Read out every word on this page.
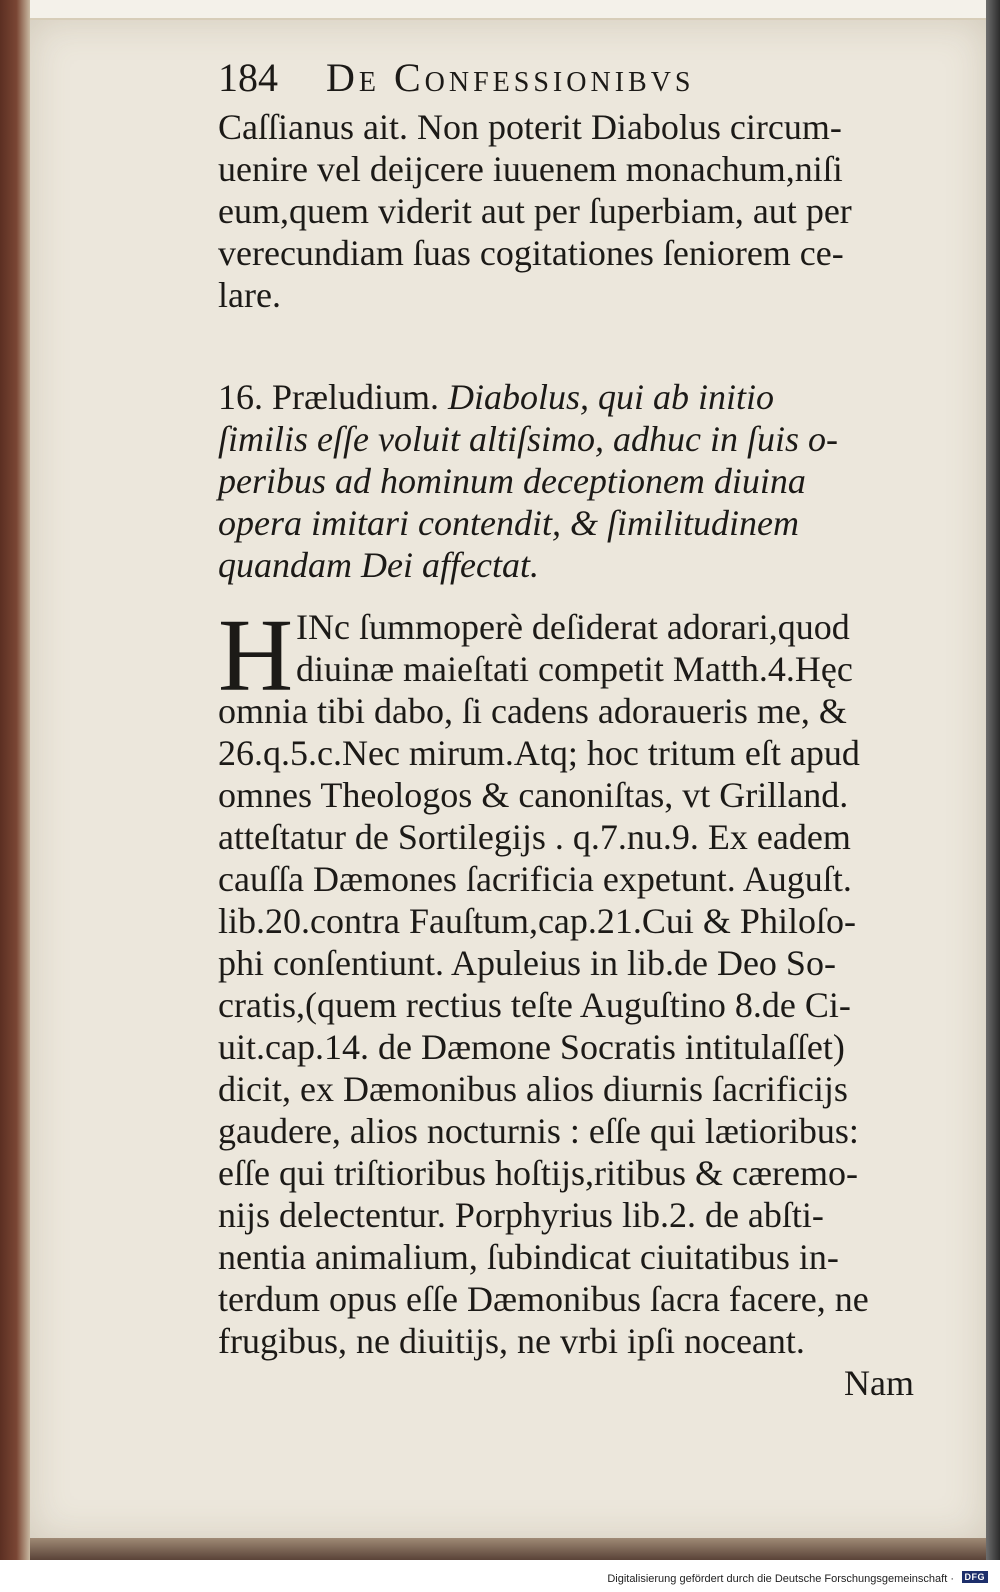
184 De Confessionibvs
Caſſianus ait. Non poterit Diabolus circum-
uenire vel deijcere iuuenem monachum,niſi
eum,quem viderit aut per ſuperbiam, aut per
verecundiam ſuas cogitationes ſeniorem ce-
lare.
16. Præludium. Diabolus, qui ab initio
ſimilis eſſe voluit altiſsimo, adhuc in ſuis o-
peribus ad hominum deceptionem diuina
opera imitari contendit, & ſimilitudinem
quandam Dei affectat.
H INc ſummoperè deſiderat adorari,quod
diuinæ maieſtati competit Matth.4.Hęc
omnia tibi dabo, ſi cadens adoraueris me, &
26.q.5.c.Nec mirum.Atq; hoc tritum eſt apud
omnes Theologos & canoniſtas, vt Grilland.
atteſtatur de Sortilegijs . q.7.nu.9. Ex eadem
cauſſa Dæmones ſacrificia expetunt. Auguſt.
lib.20.contra Fauſtum,cap.21.Cui & Philoſo-
phi conſentiunt. Apuleius in lib.de Deo So-
cratis,(quem rectius teſte Auguſtino 8.de Ci-
uit.cap.14. de Dæmone Socratis intitulaſſet)
dicit, ex Dæmonibus alios diurnis ſacrificijs
gaudere, alios nocturnis : eſſe qui lætioribus:
eſſe qui triſtioribus hoſtijs,ritibus & cæremo-
nijs delectentur. Porphyrius lib.2. de abſti-
nentia animalium, ſubindicat ciuitatibus in-
terdum opus eſſe Dæmonibus ſacra facere, ne
frugibus, ne diuitijs, ne vrbi ipſi noceant.
Nam
Digitalisierung gefördert durch die Deutsche Forschungsgemeinschaft ·	DFG
